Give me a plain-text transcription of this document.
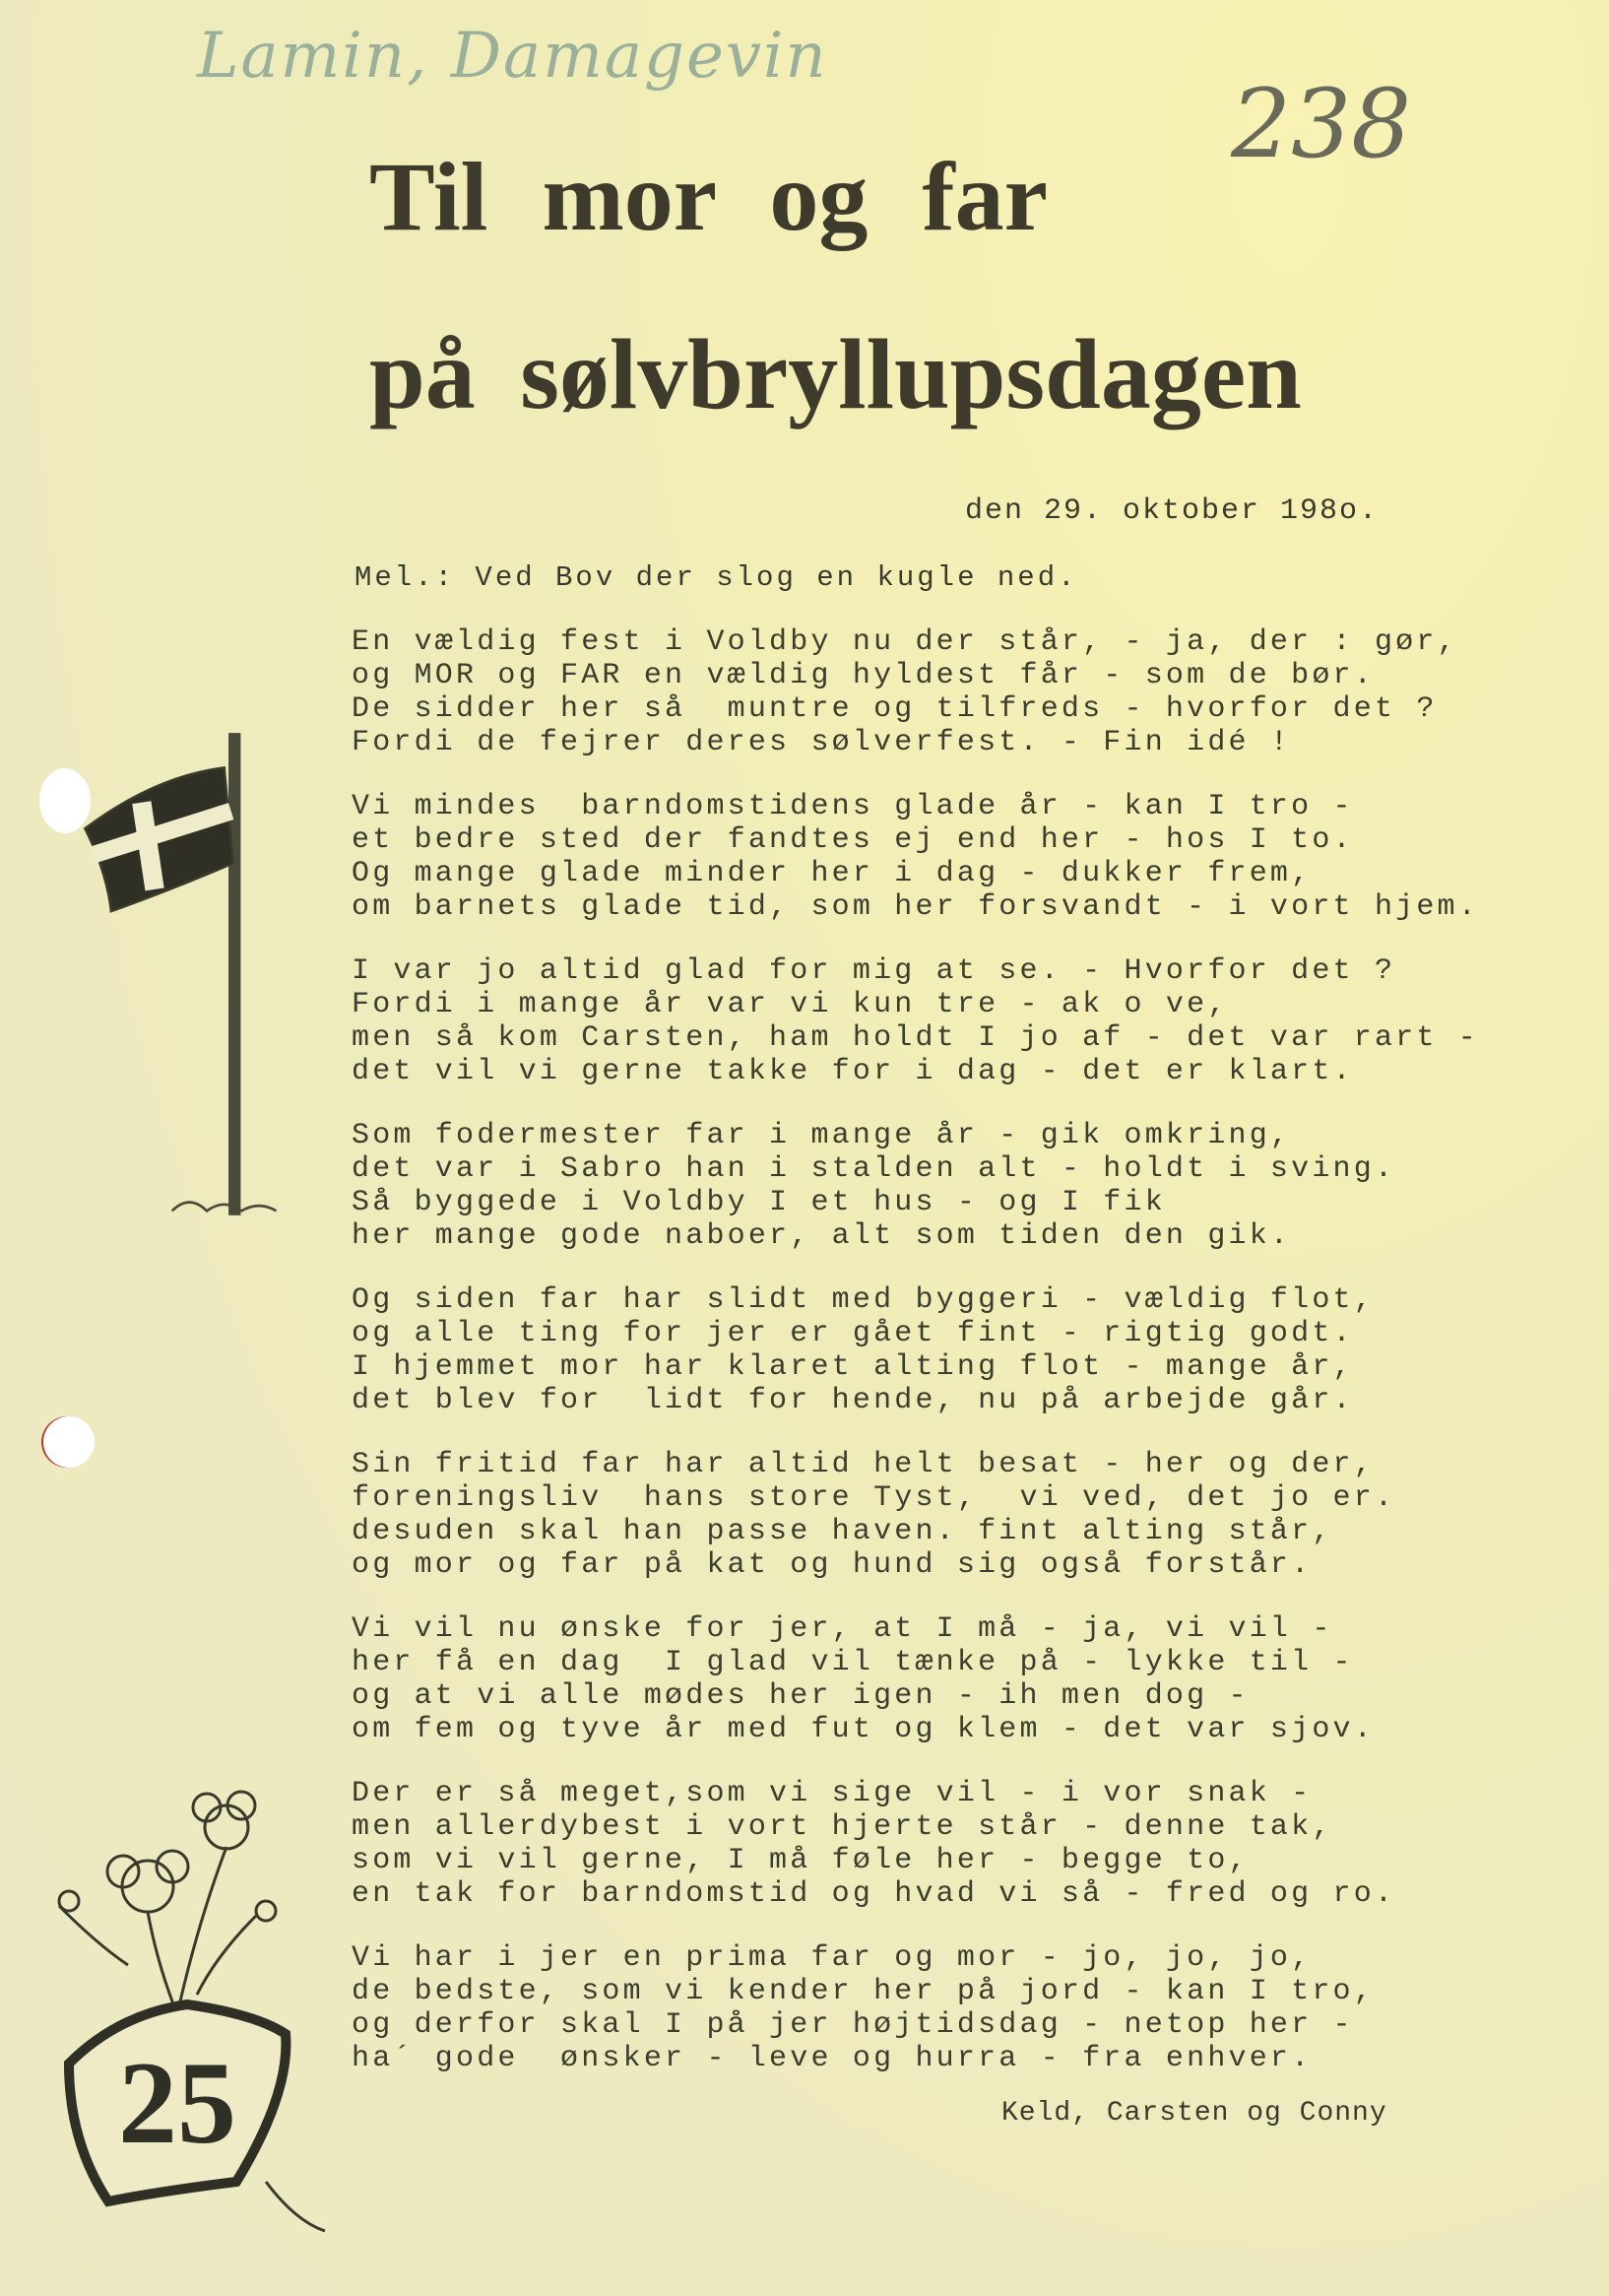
Lamin, Damagevin

238

Til mor og far
på sølvbryllupsdagen

den 29. oktober 198o.

Mel.: Ved Bov der slog en kugle ned.

En vældig fest i Voldby nu der står, - ja, der : gør,
og MOR og FAR en vældig hyldest får - som de bør.
De sidder her så  muntre og tilfreds - hvorfor det ?
Fordi de fejrer deres sølverfest. - Fin idé !
Vi mindes  barndomstidens glade år - kan I tro -
et bedre sted der fandtes ej end her - hos I to.
Og mange glade minder her i dag - dukker frem,
om barnets glade tid, som her forsvandt - i vort hjem.
I var jo altid glad for mig at se. - Hvorfor det ?
Fordi i mange år var vi kun tre - ak o ve,
men så kom Carsten, ham holdt I jo af - det var rart -
det vil vi gerne takke for i dag - det er klart.
Som fodermester far i mange år - gik omkring,
det var i Sabro han i stalden alt - holdt i sving.
Så byggede i Voldby I et hus - og I fik
her mange gode naboer, alt som tiden den gik.
Og siden far har slidt med byggeri - vældig flot,
og alle ting for jer er gået fint - rigtig godt.
I hjemmet mor har klaret alting flot - mange år,
det blev for  lidt for hende, nu på arbejde går.
Sin fritid far har altid helt besat - her og der,
foreningsliv  hans store Tyst,  vi ved, det jo er.
desuden skal han passe haven. fint alting står,
og mor og far på kat og hund sig også forstår.
Vi vil nu ønske for jer, at I må - ja, vi vil -
her få en dag  I glad vil tænke på - lykke til -
og at vi alle mødes her igen - ih men dog -
om fem og tyve år med fut og klem - det var sjov.
Der er så meget,som vi sige vil - i vor snak -
men allerdybest i vort hjerte står - denne tak,
som vi vil gerne, I må føle her - begge to,
en tak for barndomstid og hvad vi så - fred og ro.
Vi har i jer en prima far og mor - jo, jo, jo,
de bedste, som vi kender her på jord - kan I tro,
og derfor skal I på jer højtidsdag - netop her -
ha´ gode  ønsker - leve og hurra - fra enhver.

Keld, Carsten og Conny

25
